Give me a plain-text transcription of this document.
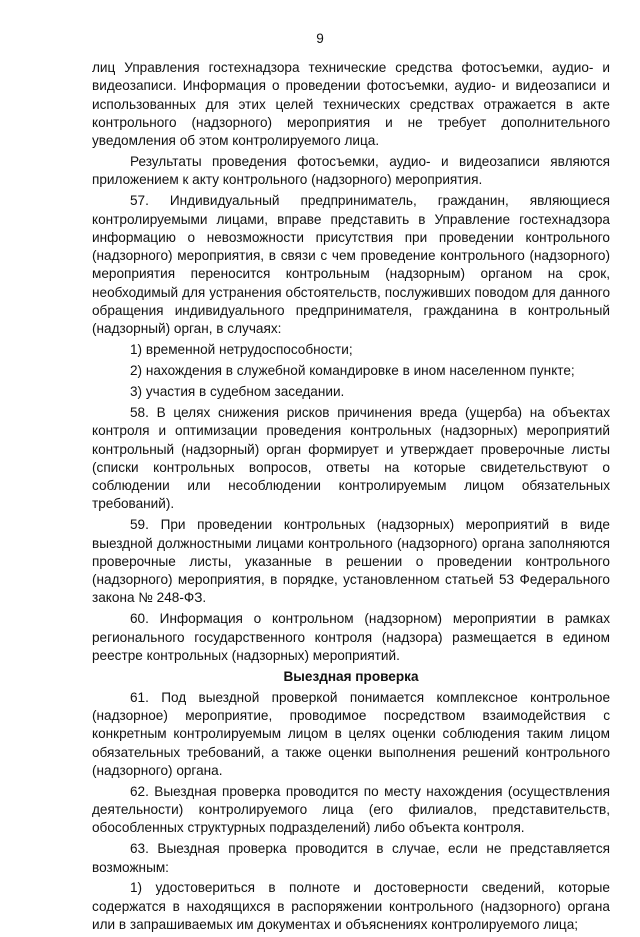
9

лиц Управления гостехнадзора технические средства фотосъемки, аудио- и видеозаписи. Информация о проведении фотосъемки, аудио- и видеозаписи и использованных для этих целей технических средствах отражается в акте контрольного (надзорного) мероприятия и не требует дополнительного уведомления об этом контролируемого лица.

Результаты проведения фотосъемки, аудио- и видеозаписи являются приложением к акту контрольного (надзорного) мероприятия.

57. Индивидуальный предприниматель, гражданин, являющиеся контролируемыми лицами, вправе представить в Управление гостехнадзора информацию о невозможности присутствия при проведении контрольного (надзорного) мероприятия, в связи с чем проведение контрольного (надзорного) мероприятия переносится контрольным (надзорным) органом на срок, необходимый для устранения обстоятельств, послуживших поводом для данного обращения индивидуального предпринимателя, гражданина в контрольный (надзорный) орган, в случаях:

1) временной нетрудоспособности;

2) нахождения в служебной командировке в ином населенном пункте;

3) участия в судебном заседании.

58. В целях снижения рисков причинения вреда (ущерба) на объектах контроля и оптимизации проведения контрольных (надзорных) мероприятий контрольный (надзорный) орган формирует и утверждает проверочные листы (списки контрольных вопросов, ответы на которые свидетельствуют о соблюдении или несоблюдении контролируемым лицом обязательных требований).

59. При проведении контрольных (надзорных) мероприятий в виде выездной должностными лицами контрольного (надзорного) органа заполняются проверочные листы, указанные в решении о проведении контрольного (надзорного) мероприятия, в порядке, установленном статьей 53 Федерального закона № 248-ФЗ.

60. Информация о контрольном (надзорном) мероприятии в рамках регионального государственного контроля (надзора) размещается в едином реестре контрольных (надзорных) мероприятий.

Выездная проверка

61. Под выездной проверкой понимается комплексное контрольное (надзорное) мероприятие, проводимое посредством взаимодействия с конкретным контролируемым лицом в целях оценки соблюдения таким лицом обязательных требований, а также оценки выполнения решений контрольного (надзорного) органа.

62. Выездная проверка проводится по месту нахождения (осуществления деятельности) контролируемого лица (его филиалов, представительств, обособленных структурных подразделений) либо объекта контроля.

63. Выездная проверка проводится в случае, если не представляется возможным:

1) удостовериться в полноте и достоверности сведений, которые содержатся в находящихся в распоряжении контрольного (надзорного) органа или в запрашиваемых им документах и объяснениях контролируемого лица;
